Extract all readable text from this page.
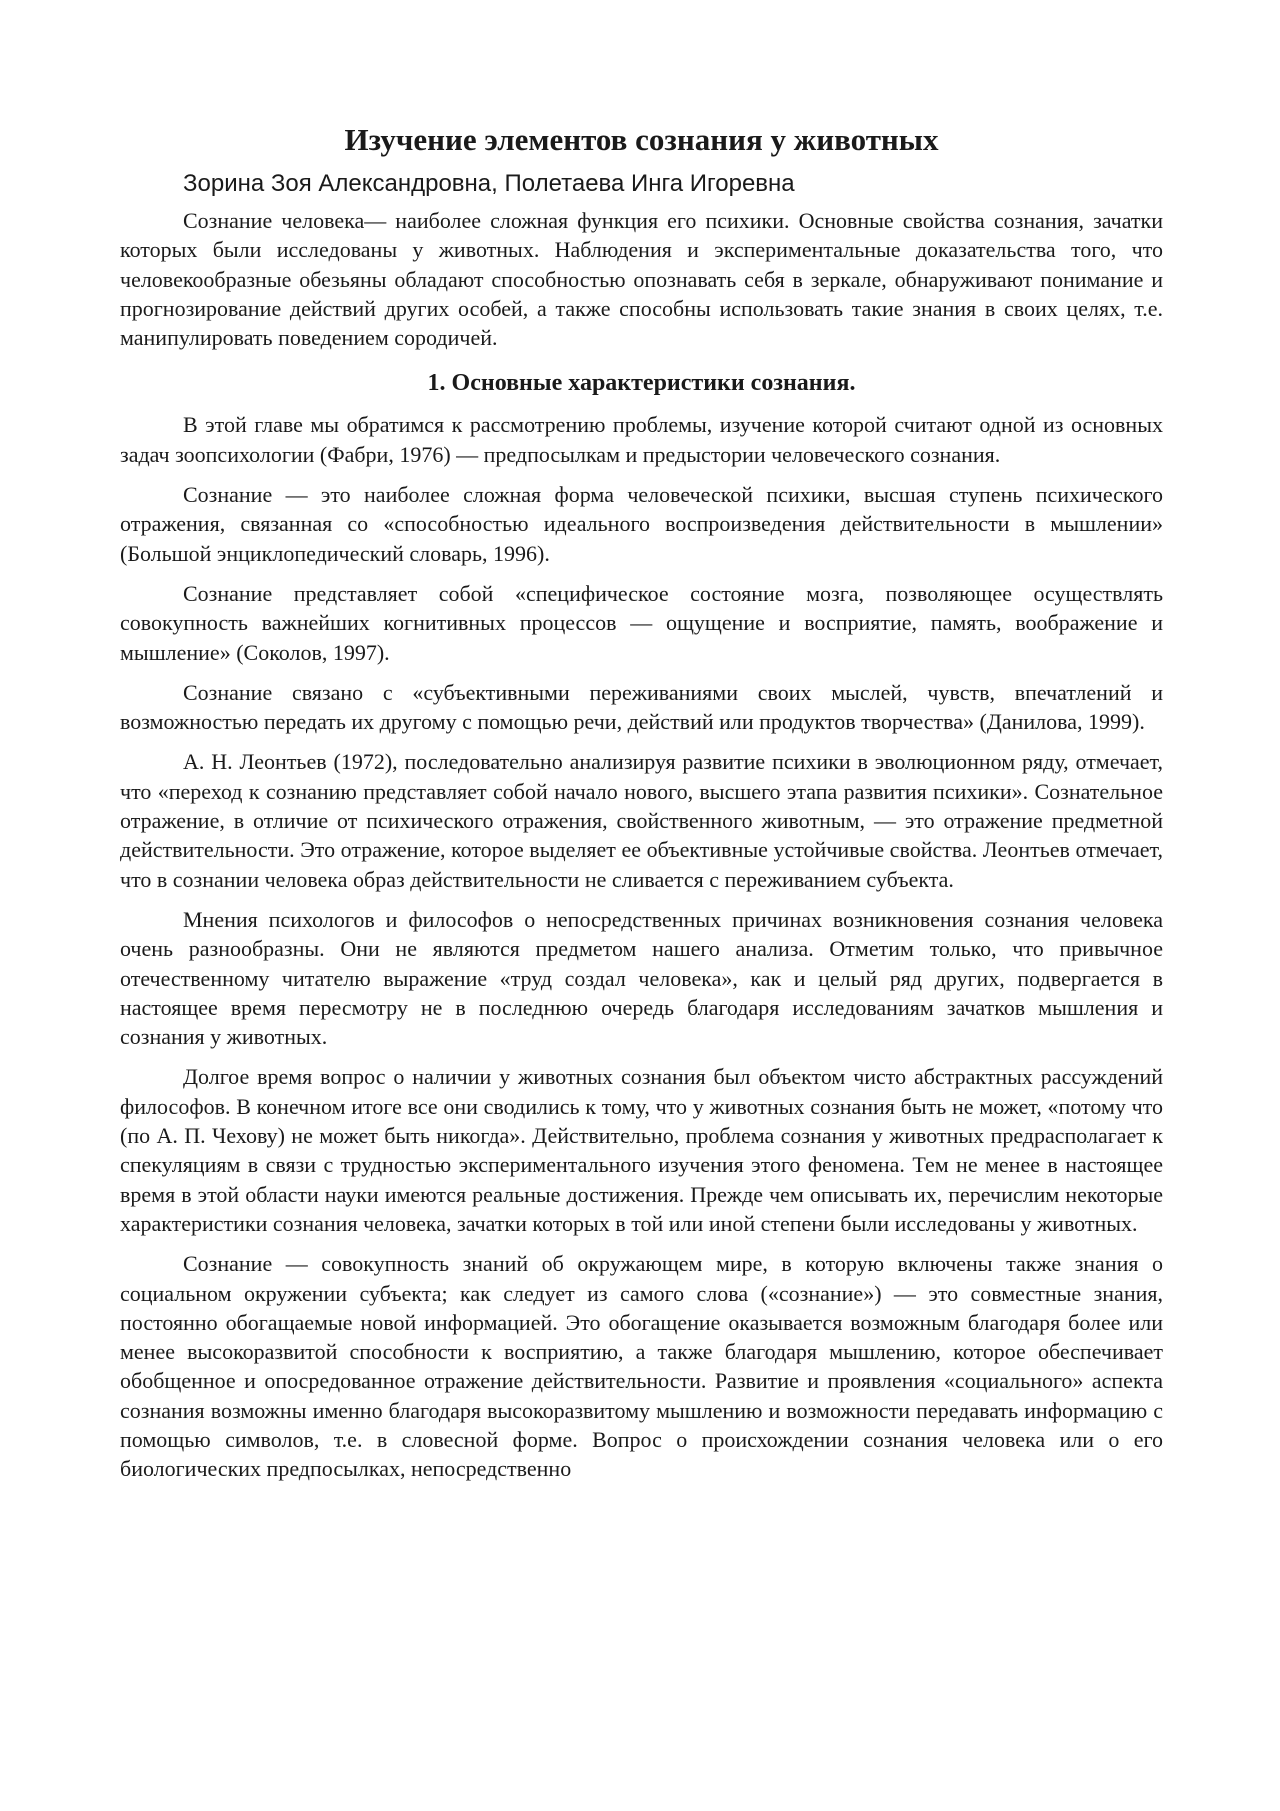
Изучение элементов сознания у животных
Зорина Зоя Александровна, Полетаева Инга Игоревна

Сознание человека— наиболее сложная функция его психики. Основные свойства сознания, зачатки которых были исследованы у животных. Наблюдения и экспериментальные доказательства того, что человекообразные обезьяны обладают способностью опознавать себя в зеркале, обнаруживают понимание и прогнозирование действий других особей, а также способны использовать такие знания в своих целях, т.е. манипулировать поведением сородичей.

1. Основные характеристики сознания.

В этой главе мы обратимся к рассмотрению проблемы, изучение которой считают одной из основных задач зоопсихологии (Фабри, 1976) — предпосылкам и предыстории человеческого сознания.

Сознание — это наиболее сложная форма человеческой психики, высшая ступень психического отражения, связанная со «способностью идеального воспроизведения действительности в мышлении» (Большой энциклопедический словарь, 1996).

Сознание представляет собой «специфическое состояние мозга, позволяющее осуществлять совокупность важнейших когнитивных процессов — ощущение и восприятие, память, воображение и мышление» (Соколов, 1997).

Сознание связано с «субъективными переживаниями своих мыслей, чувств, впечатлений и возможностью передать их другому с помощью речи, действий или продуктов творчества» (Данилова, 1999).

А. Н. Леонтьев (1972), последовательно анализируя развитие психики в эволюционном ряду, отмечает, что «переход к сознанию представляет собой начало нового, высшего этапа развития психики». Сознательное отражение, в отличие от психического отражения, свойственного животным, — это отражение предметной действительности. Это отражение, которое выделяет ее объективные устойчивые свойства. Леонтьев отмечает, что в сознании человека образ действительности не сливается с переживанием субъекта.

Мнения психологов и философов о непосредственных причинах возникновения сознания человека очень разнообразны. Они не являются предметом нашего анализа. Отметим только, что привычное отечественному читателю выражение «труд создал человека», как и целый ряд других, подвергается в настоящее время пересмотру не в последнюю очередь благодаря исследованиям зачатков мышления и сознания у животных.

Долгое время вопрос о наличии у животных сознания был объектом чисто абстрактных рассуждений философов. В конечном итоге все они сводились к тому, что у животных сознания быть не может, «потому что (по А. П. Чехову) не может быть никогда». Действительно, проблема сознания у животных предрасполагает к спекуляциям в связи с трудностью экспериментального изучения этого феномена. Тем не менее в настоящее время в этой области науки имеются реальные достижения. Прежде чем описывать их, перечислим некоторые характеристики сознания человека, зачатки которых в той или иной степени были исследованы у животных.

Сознание — совокупность знаний об окружающем мире, в которую включены также знания о социальном окружении субъекта; как следует из самого слова («сознание») — это совместные знания, постоянно обогащаемые новой информацией. Это обогащение оказывается возможным благодаря более или менее высокоразвитой способности к восприятию, а также благодаря мышлению, которое обеспечивает обобщенное и опосредованное отражение действительности. Развитие и проявления «социального» аспекта сознания возможны именно благодаря высокоразвитому мышлению и возможности передавать информацию с помощью символов, т.е. в словесной форме. Вопрос о происхождении сознания человека или о его биологических предпосылках, непосредственно
